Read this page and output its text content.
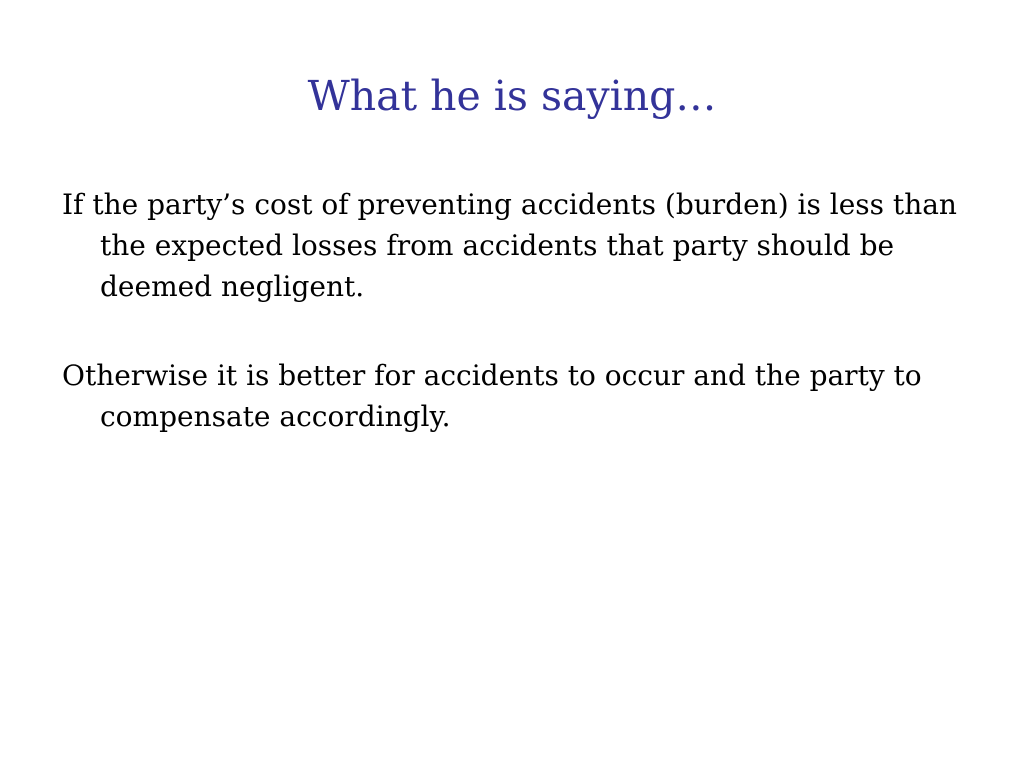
What he is saying…
If the party’s cost of preventing accidents (burden) is less than the expected losses from accidents that party should be deemed negligent.
Otherwise it is better for accidents to occur and the party to compensate accordingly.
